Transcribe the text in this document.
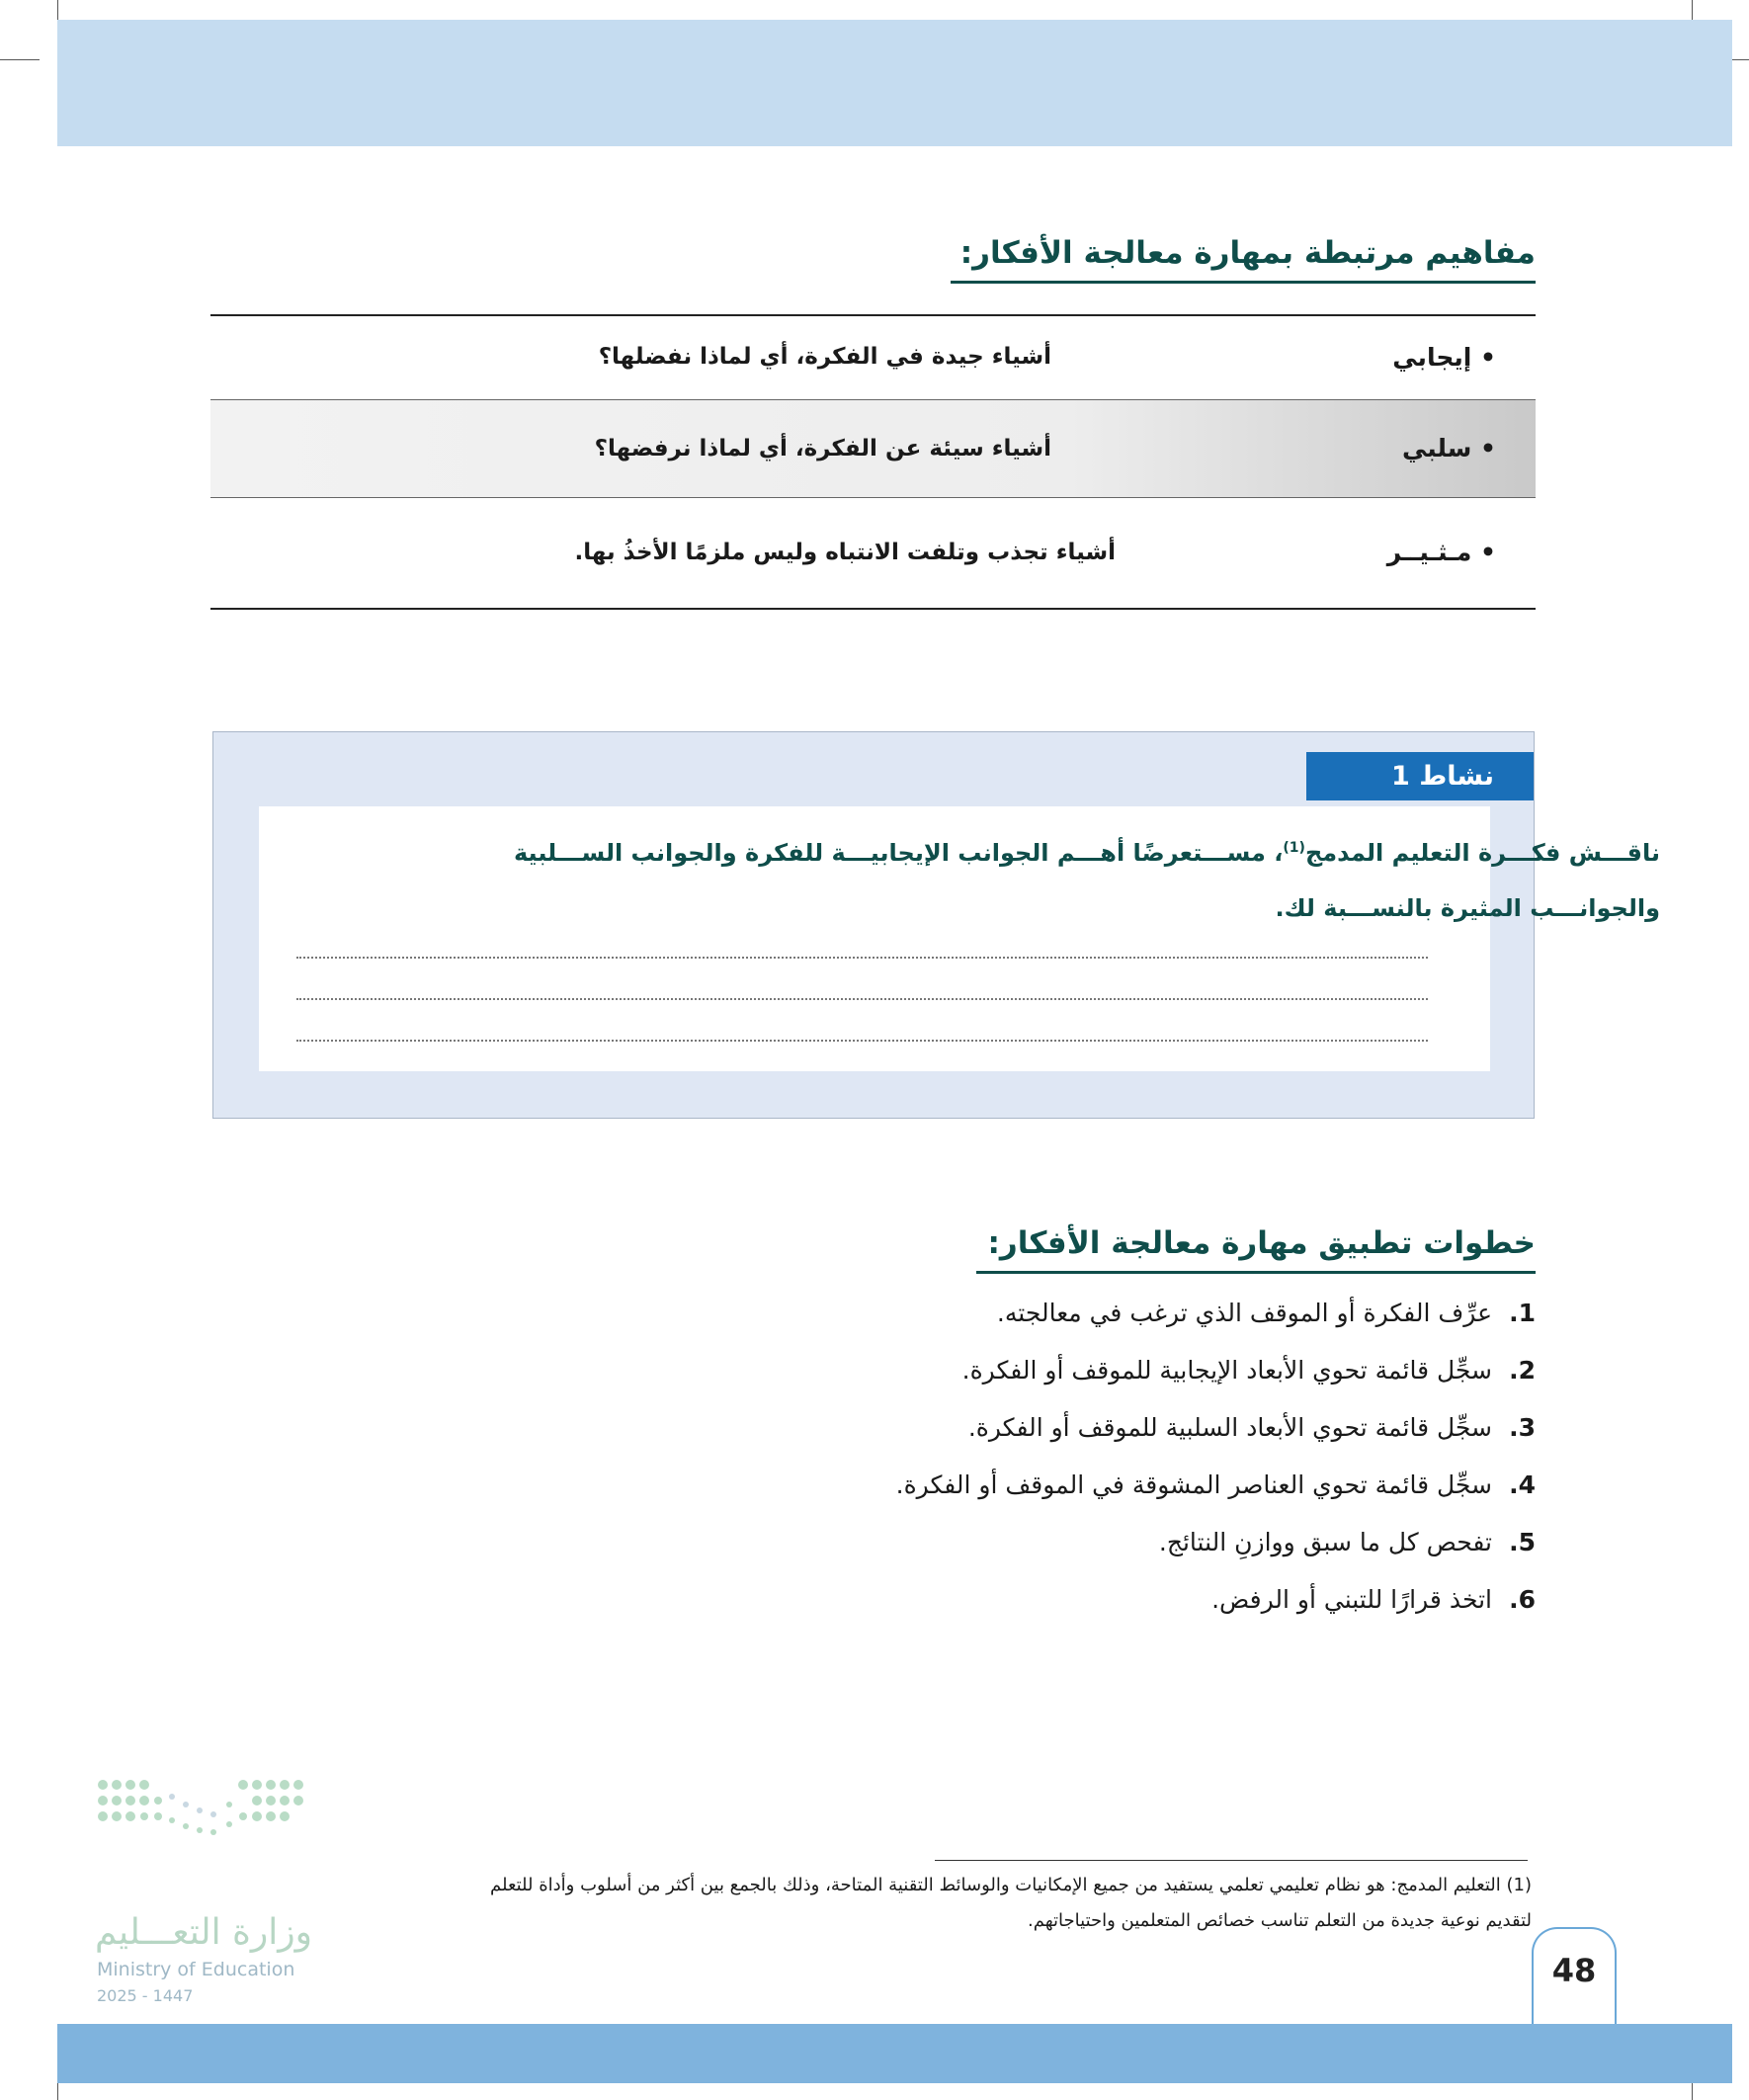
مفاهيم مرتبطة بمهارة معالجة الأفكار:
• إيجابي
أشياء جيدة في الفكرة، أي لماذا نفضلها؟
• سلبي
أشياء سيئة عن الفكرة، أي لماذا نرفضها؟
• مـثـيــر
أشياء تجذب وتلفت الانتباه وليس ملزمًا الأخذُ بها.
نشاط 1
ناقـــش فكـــرة التعليم المدمج$^{(1)}$، مســـتعرضًا أهـــم الجوانب الإيجابيـــة للفكرة والجوانب الســـلبية والجوانـــب المثيرة بالنســـبة لك.
خطوات تطبيق مهارة معالجة الأفكار:
1.
عرِّف الفكرة أو الموقف الذي ترغب في معالجته.
2.
سجِّل قائمة تحوي الأبعاد الإيجابية للموقف أو الفكرة.
3.
سجِّل قائمة تحوي الأبعاد السلبية للموقف أو الفكرة.
4.
سجِّل قائمة تحوي العناصر المشوقة في الموقف أو الفكرة.
5.
تفحص كل ما سبق ووازنِ النتائج.
6.
اتخذ قرارًا للتبني أو الرفض.
(1) التعليم المدمج: هو نظام تعليمي تعلمي يستفيد من جميع الإمكانيات والوسائط التقنية المتاحة، وذلك بالجمع بين أكثر من أسلوب وأداة للتعلم
لتقديم نوعية جديدة من التعلم تناسب خصائص المتعلمين واحتياجاتهم.
وزارة التعـــليم
Ministry of Education
2025 - 1447
48
